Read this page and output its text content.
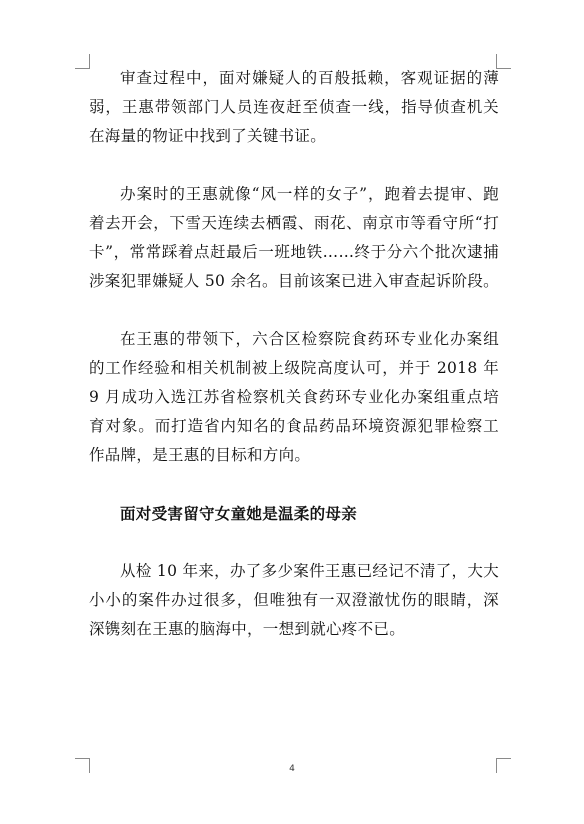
审查过程中，面对嫌疑人的百般抵赖，客观证据的薄弱，王惠带领部门人员连夜赶至侦查一线，指导侦查机关在海量的物证中找到了关键书证。

办案时的王惠就像“风一样的女子”，跑着去提审、跑着去开会，下雪天连续去栖霞、雨花、南京市等看守所“打卡”，常常踩着点赶最后一班地铁……终于分六个批次逮捕涉案犯罪嫌疑人 50 余名。目前该案已进入审查起诉阶段。

在王惠的带领下，六合区检察院食药环专业化办案组的工作经验和相关机制被上级院高度认可，并于 2018 年 9 月成功入选江苏省检察机关食药环专业化办案组重点培育对象。而打造省内知名的食品药品环境资源犯罪检察工作品牌，是王惠的目标和方向。

面对受害留守女童她是温柔的母亲

从检 10 年来，办了多少案件王惠已经记不清了，大大小小的案件办过很多，但唯独有一双澄澈忧伤的眼睛，深深镌刻在王惠的脑海中，一想到就心疼不已。

4
